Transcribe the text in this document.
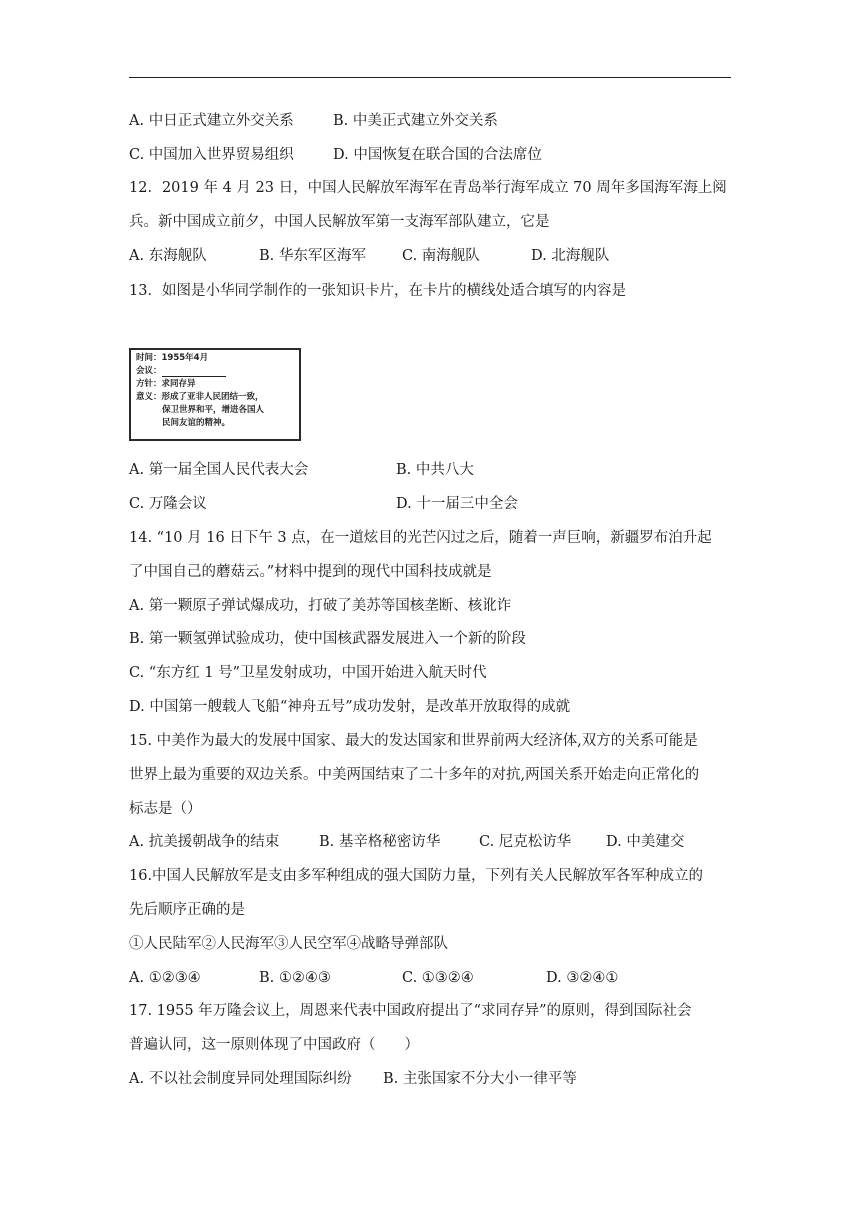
A. 中日正式建立外交关系	B. 中美正式建立外交关系
C. 中国加入世界贸易组织	D. 中国恢复在联合国的合法席位
12．2019 年 4 月 23 日，中国人民解放军海军在青岛举行海军成立 70 周年多国海军海上阅
兵。新中国成立前夕，中国人民解放军第一支海军部队建立，它是
A. 东海舰队	B. 华东军区海军 C. 南海舰队	D. 北海舰队
13．如图是小华同学制作的一张知识卡片，在卡片的横线处适合填写的内容是
时间：1955年4月
会议：
方针：求同存异
意义：形成了亚非人民团结一致，
保卫世界和平，增进各国人
民间友谊的精神。
A. 第一届全国人民代表大会	B. 中共八大
C. 万隆会议	D. 十一届三中全会
14. “10 月 16 日下午 3 点，在一道炫目的光芒闪过之后，随着一声巨响，新疆罗布泊升起
了中国自己的蘑菇云。”材料中提到的现代中国科技成就是
A. 第一颗原子弹试爆成功，打破了美苏等国核垄断、核讹诈
B. 第一颗氢弹试验成功，使中国核武器发展进入一个新的阶段
C. “东方红 1 号”卫星发射成功，中国开始进入航天时代
D. 中国第一艘载人飞船“神舟五号”成功发射，是改革开放取得的成就
15. 中美作为最大的发展中国家、最大的发达国家和世界前两大经济体,双方的关系可能是
世界上最为重要的双边关系。中美两国结束了二十多年的对抗,两国关系开始走向正常化的
标志是（）
A. 抗美援朝战争的结束	B. 基辛格秘密访华	C. 尼克松访华 D. 中美建交
16.中国人民解放军是支由多军种组成的强大国防力量，下列有关人民解放军各军种成立的
先后顺序正确的是
①人民陆军②人民海军③人民空军④战略导弹部队
A. ①②③④	B. ①②④③	C. ①③②④	D. ③②④①
17. 1955 年万隆会议上，周恩来代表中国政府提出了“求同存异”的原则，得到国际社会
普遍认同，这一原则体现了中国政府（　　）
A. 不以社会制度异同处理国际纠纷 B. 主张国家不分大小一律平等
